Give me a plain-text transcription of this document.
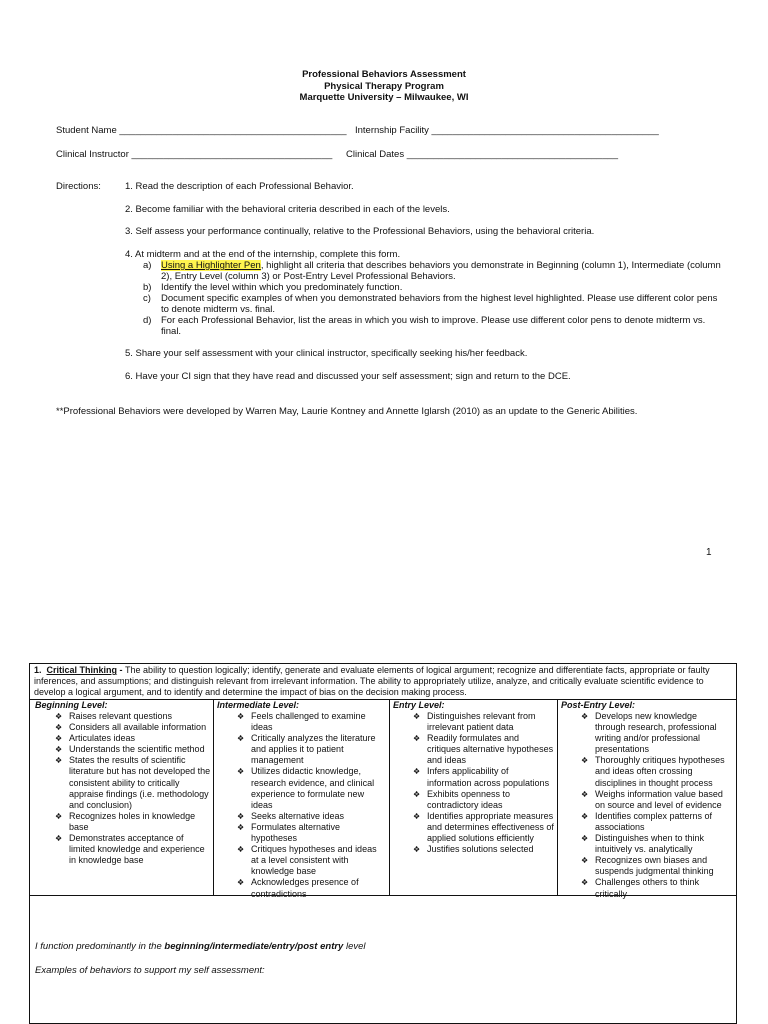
Professional Behaviors Assessment
Physical Therapy Program
Marquette University – Milwaukee, WI
Student Name ___________________________________________ Internship Facility ___________________________________________
Clinical Instructor ______________________________________ Clinical Dates ________________________________________
Directions:	1. Read the description of each Professional Behavior.
2. Become familiar with the behavioral criteria described in each of the levels.
3. Self assess your performance continually, relative to the Professional Behaviors, using the behavioral criteria.
4. At midterm and at the end of the internship, complete this form.
a) Using a Highlighter Pen, highlight all criteria that describes behaviors you demonstrate in Beginning (column 1), Intermediate (column 2), Entry Level (column 3) or Post-Entry Level Professional Behaviors.
b) Identify the level within which you predominately function.
c) Document specific examples of when you demonstrated behaviors from the highest level highlighted. Please use different color pens to denote midterm vs. final.
d) For each Professional Behavior, list the areas in which you wish to improve. Please use different color pens to denote midterm vs. final.
5. Share your self assessment with your clinical instructor, specifically seeking his/her feedback.
6. Have your CI sign that they have read and discussed your self assessment; sign and return to the DCE.
**Professional Behaviors were developed by Warren May, Laurie Kontney and Annette Iglarsh (2010) as an update to the Generic Abilities.
1
1. Critical Thinking - The ability to question logically; identify, generate and evaluate elements of logical argument; recognize and differentiate facts, appropriate or faulty inferences, and assumptions; and distinguish relevant from irrelevant information. The ability to appropriately utilize, analyze, and critically evaluate scientific evidence to develop a logical argument, and to identify and determine the impact of bias on the decision making process.
Beginning Level:
❖ Raises relevant questions
❖ Considers all available information
❖ Articulates ideas
❖ Understands the scientific method
❖ States the results of scientific literature but has not developed the consistent ability to critically appraise findings (i.e. methodology and conclusion)
❖ Recognizes holes in knowledge base
❖ Demonstrates acceptance of limited knowledge and experience in knowledge base
Intermediate Level:
❖ Feels challenged to examine ideas
❖ Critically analyzes the literature and applies it to patient management
❖ Utilizes didactic knowledge, research evidence, and clinical experience to formulate new ideas
❖ Seeks alternative ideas
❖ Formulates alternative hypotheses
❖ Critiques hypotheses and ideas at a level consistent with knowledge base
❖ Acknowledges presence of contradictions
Entry Level:
❖ Distinguishes relevant from irrelevant patient data
❖ Readily formulates and critiques alternative hypotheses and ideas
❖ Infers applicability of information across populations
❖ Exhibits openness to contradictory ideas
❖ Identifies appropriate measures and determines effectiveness of applied solutions efficiently
❖ Justifies solutions selected
Post-Entry Level:
❖ Develops new knowledge through research, professional writing and/or professional presentations
❖ Thoroughly critiques hypotheses and ideas often crossing disciplines in thought process
❖ Weighs information value based on source and level of evidence
❖ Identifies complex patterns of associations
❖ Distinguishes when to think intuitively vs. analytically
❖ Recognizes own biases and suspends judgmental thinking
❖ Challenges others to think critically
I function predominantly in the beginning/intermediate/entry/post entry level
Examples of behaviors to support my self assessment:
